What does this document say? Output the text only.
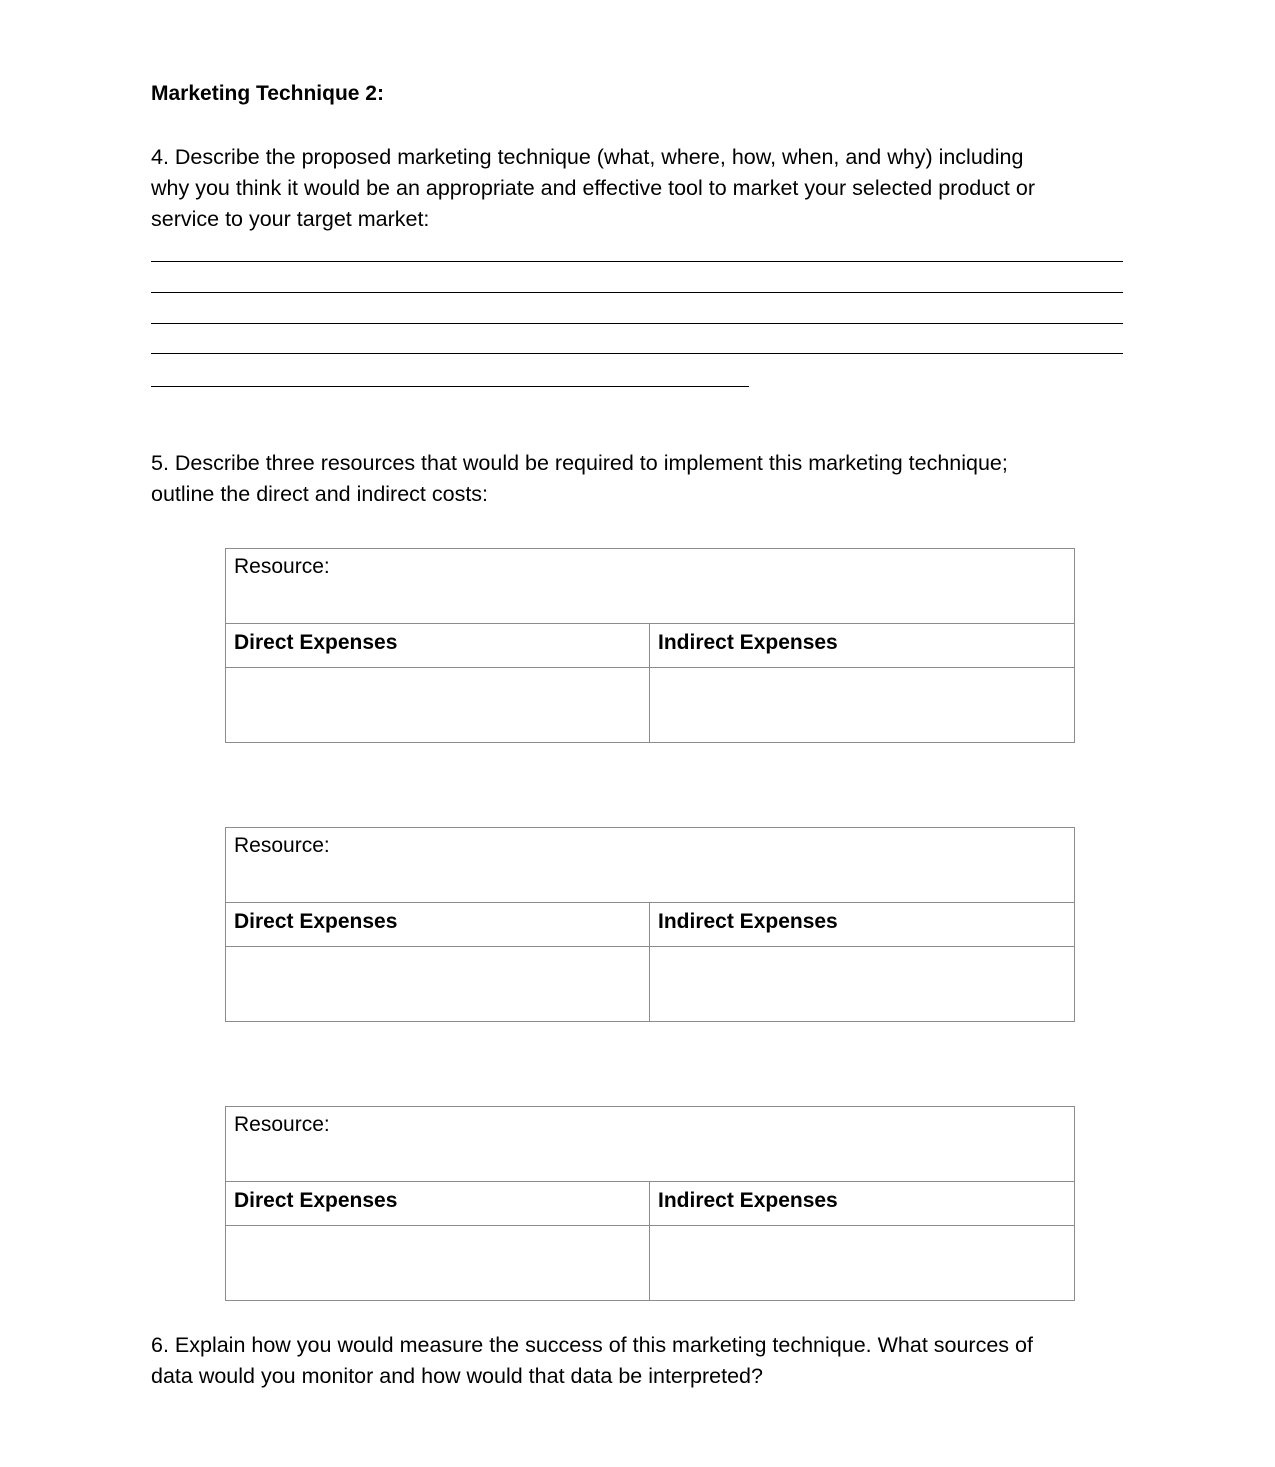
Marketing Technique 2:
4. Describe the proposed marketing technique (what, where, how, when, and why) including
why you think it would be an appropriate and effective tool to market your selected product or
service to your target market:
5. Describe three resources that would be required to implement this marketing technique;
outline the direct and indirect costs:
Resource:	
Direct Expenses	Indirect Expenses

Resource:	
Direct Expenses	Indirect Expenses

Resource:	
Direct Expenses	Indirect Expenses

6. Explain how you would measure the success of this marketing technique. What sources of
data would you monitor and how would that data be interpreted?
